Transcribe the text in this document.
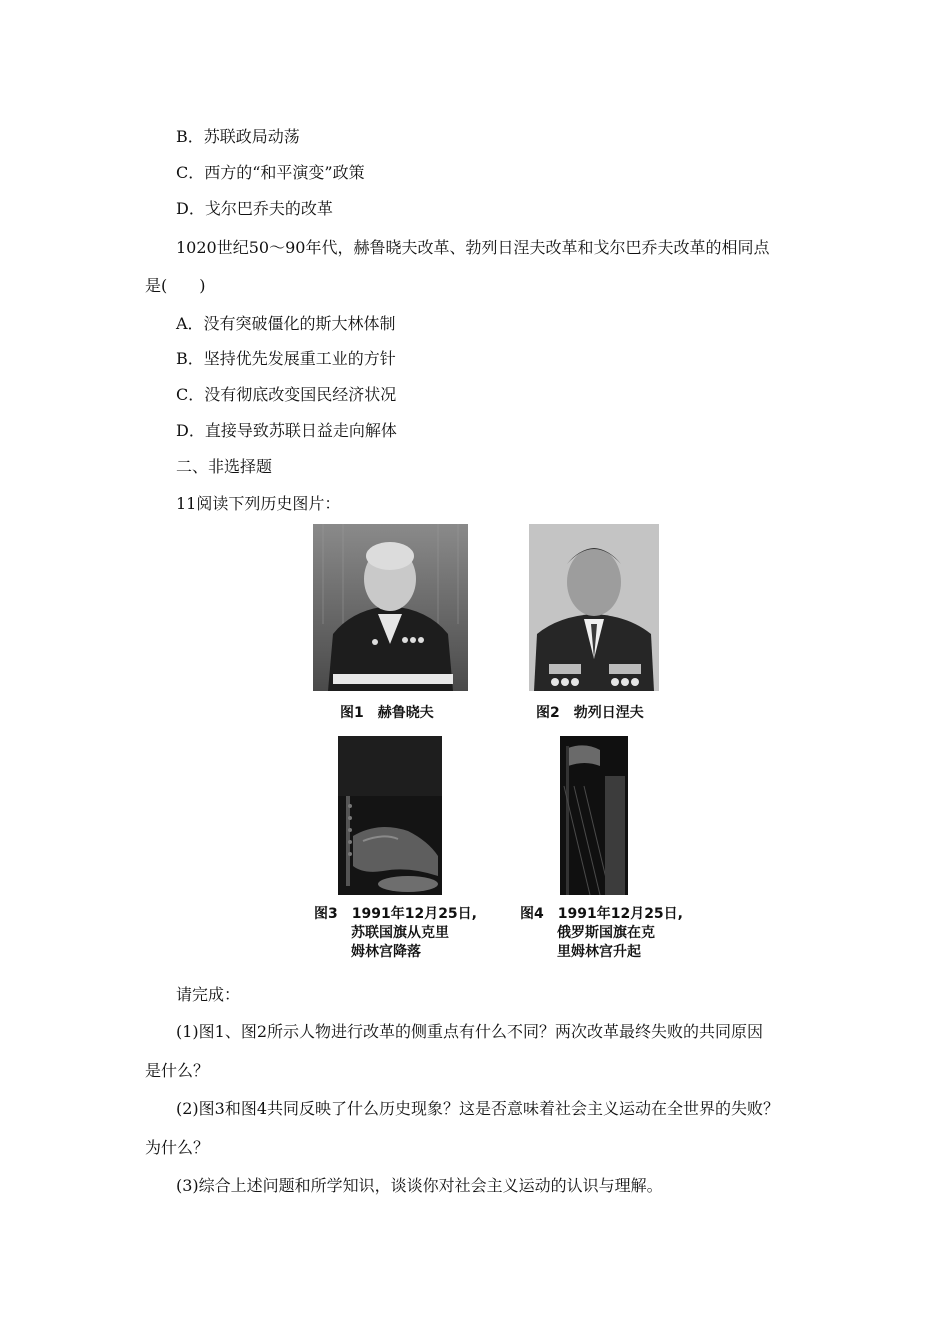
B．苏联政局动荡
C．西方的“和平演变”政策
D．戈尔巴乔夫的改革
1020世纪50～90年代，赫鲁晓夫改革、勃列日涅夫改革和戈尔巴乔夫改革的相同点
是(　　)
A．没有突破僵化的斯大林体制
B．坚持优先发展重工业的方针
C．没有彻底改变国民经济状况
D．直接导致苏联日益走向解体
二、非选择题
11阅读下列历史图片：
图1　赫鲁晓夫	图2　勃列日涅夫
图3　1991年12月25日,
苏联国旗从克里
姆林宫降落
图4　1991年12月25日,
俄罗斯国旗在克
里姆林宫升起
请完成：
(1)图1、图2所示人物进行改革的侧重点有什么不同？两次改革最终失败的共同原因
是什么？
(2)图3和图4共同反映了什么历史现象？这是否意味着社会主义运动在全世界的失败？
为什么？
(3)综合上述问题和所学知识，谈谈你对社会主义运动的认识与理解。
